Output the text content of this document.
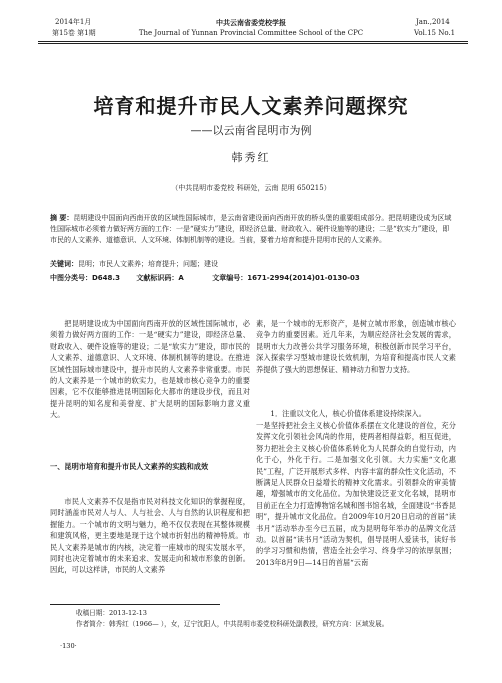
2014年1月
第15卷 第1期
中共云南省委党校学报
The Journal of Yunnan Provincial Committee School of the CPC
Jan.,2014
Vol.15 No.1
培育和提升市民人文素养问题探究
——以云南省昆明市为例
韩秀红
（中共昆明市委党校 科研处，云南 昆明 650215）
摘 要：昆明建设中国面向西南开放的区域性国际城市，是云南省建设面向西南开放的桥头堡的重要组成部分。把昆明建设成为区域性国际城市必须着力做好两方面的工作：一是“硬实力”建设，即经济总量、财政收入、硬件设施等的建设；二是“软实力”建设，即市民的人文素养、道德意识、人文环境、体制机制等的建设。当前，要着力培育和提升昆明市民的人文素养。
关键词：昆明；市民人文素养；培育提升；问题；建设
中图分类号：D648.3 文献标识码：A	文章编号：1671-2994(2014)01-0130-03
把昆明建设成为中国面向西南开放的区域性国际城市，必须着力做好两方面的工作：一是“硬实力”建设，即经济总量、财政收入、硬件设施等的建设；二是“软实力”建设，即市民的人文素养、道德意识、人文环境、体制机制等的建设。在推进区域性国际城市建设中，提升市民的人文素养非常重要。市民的人文素养是一个城市的软实力，也是城市核心竞争力的重要因素，它不仅能够推进昆明国际化大都市的建设步伐，而且对提升昆明的知名度和美誉度、扩大昆明的国际影响力意义重大。
一、昆明市培育和提升市民人文素养的实践和成效
市民人文素养不仅是指市民对科技文化知识的掌握程度，同时涵盖市民对人与人、人与社会、人与自然的认识程度和把握能力。一个城市的文明与魅力，绝不仅仅表现在其整体规模和建筑风格，更主要地是现于这个城市折射出的精神特质。市民人文素养是城市的内核，决定着一座城市的现实发展水平，同时也决定着城市的未来追求、发展走向和城市形象的创新。因此，可以这样讲，市民的人文素养
素，是一个城市的无形资产，是树立城市形象，创造城市核心竞争力的重要因素。近几年来，为顺应经济社会发展的需求，昆明市大力改善公共学习服务环境，积极创新市民学习平台，深入探索学习型城市建设长效机制，为培育和提高市民人文素养提供了强大的思想保证、精神动力和智力支持。
1．注重以文化人，核心价值体系建设持续深入。
一是坚持把社会主义核心价值体系摆在文化建设的首位，充分发挥文化引领社会风尚的作用，使两者相得益彰，相互促进，努力把社会主义核心价值体系转化为人民群众的自觉行动，内化于心，外化于行。二是加强文化引领。大力实施“文化惠民”工程，广泛开展形式多样、内容丰富的群众性文化活动，不断满足人民群众日益增长的精神文化需求。引领群众的审美情趣，增强城市的文化品位。为加快建设泛亚文化名城，昆明市目前正在全力打造博物馆名城和图书馆名城，全面建设“书香昆明”，提升城市文化品位。自2009年10月20日启动的首届“读书月”活动举办至今已五届，成为昆明每年举办的品牌文化活动。以首届“读书月”活动为契机，倡导昆明人爱读书，读好书的学习习惯和热情，营造全社会学习、终身学习的浓厚氛围；2013年8月9日—14日的首届“云南
收稿日期：2013-12-13
作者简介：韩秀红（1966— ），女，辽宁沈阳人，中共昆明市委党校科研处副教授，研究方向：区域发展。
·130·
